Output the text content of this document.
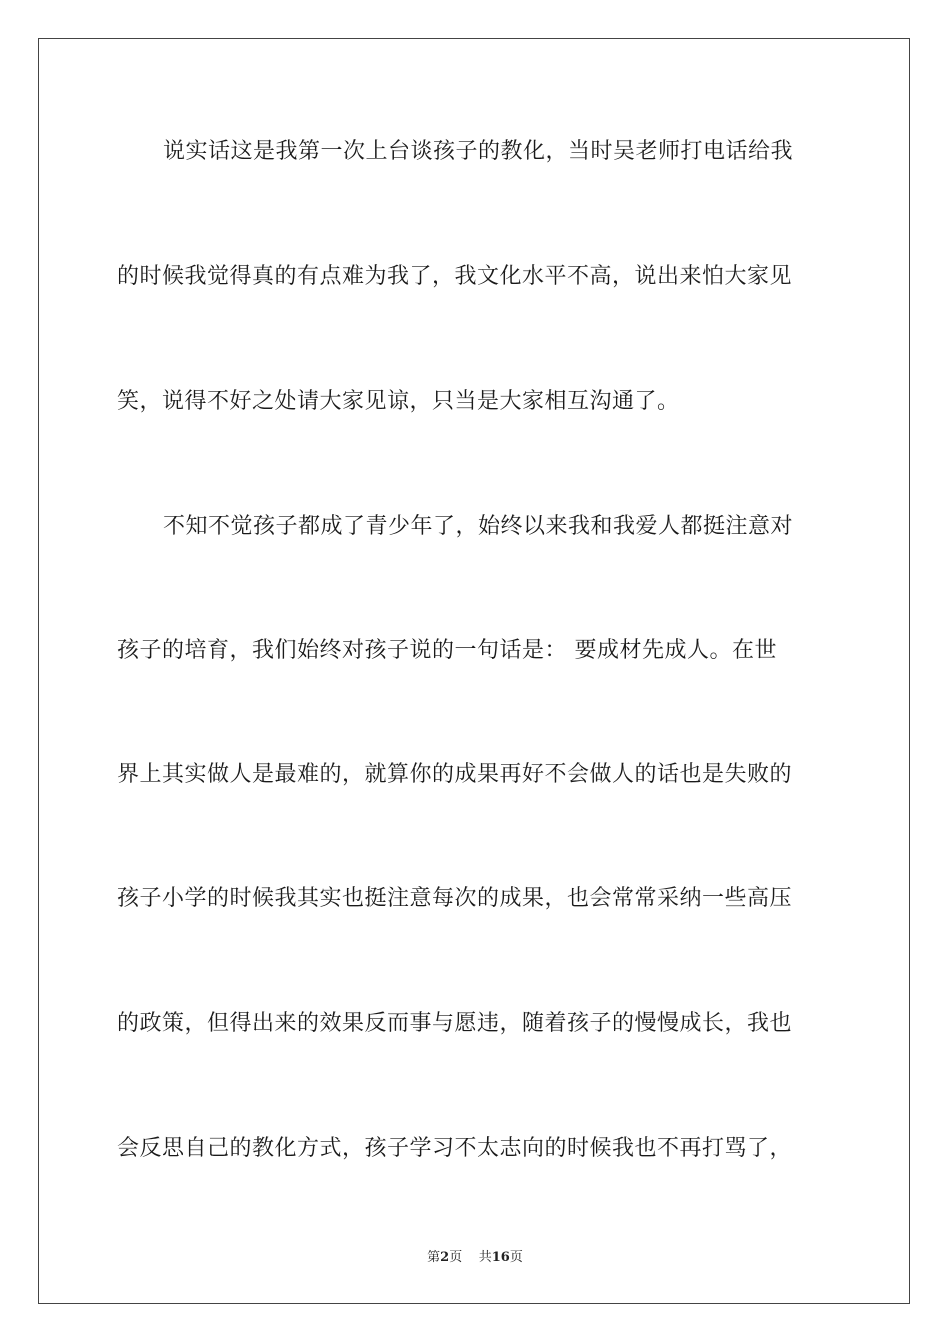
说实话这是我第一次上台谈孩子的教化，当时吴老师打电话给我
的时候我觉得真的有点难为我了，我文化水平不高，说出来怕大家见
笑，说得不好之处请大家见谅，只当是大家相互沟通了。
不知不觉孩子都成了青少年了，始终以来我和我爱人都挺注意对
孩子的培育，我们始终对孩子说的一句话是： 要成材先成人。在世
界上其实做人是最难的，就算你的成果再好不会做人的话也是失败的
孩子小学的时候我其实也挺注意每次的成果，也会常常采纳一些高压
的政策，但得出来的效果反而事与愿违，随着孩子的慢慢成长，我也
会反思自己的教化方式，孩子学习不太志向的时候我也不再打骂了，
第2页 共16页
